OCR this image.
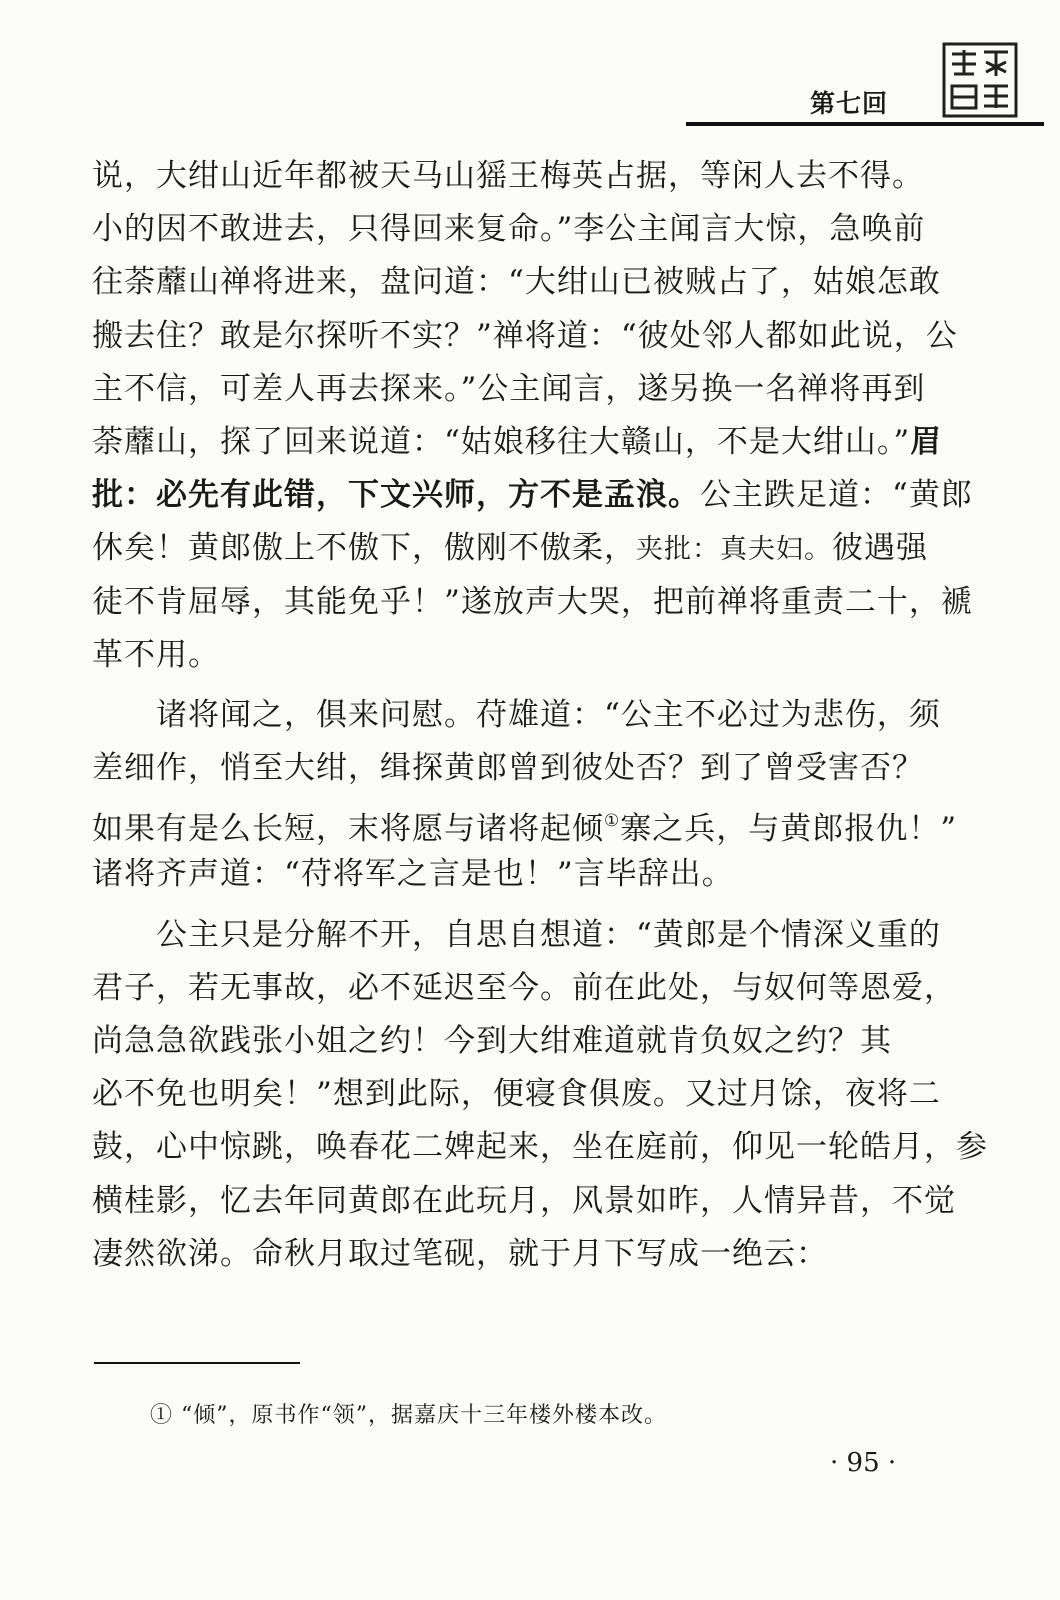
第七回
说，大绀山近年都被天马山猺王梅英占据，等闲人去不得。
小的因不敢进去，只得回来复命。”李公主闻言大惊，急唤前
往荼蘼山禅将进来，盘问道：“大绀山已被贼占了，姑娘怎敢
搬去住？敢是尔探听不实？”禅将道：“彼处邻人都如此说，公
主不信，可差人再去探来。”公主闻言，遂另换一名禅将再到
荼蘼山，探了回来说道：“姑娘移往大赣山，不是大绀山。”眉
批：必先有此错，下文兴师，方不是孟浪。公主跌足道：“黄郎
休矣！黄郎傲上不傲下，傲刚不傲柔，夹批：真夫妇。彼遇强
徒不肯屈辱，其能免乎！”遂放声大哭，把前禅将重责二十，褫
革不用。
诸将闻之，俱来问慰。苻雄道：“公主不必过为悲伤，须
差细作，悄至大绀，缉探黄郎曾到彼处否？到了曾受害否？
如果有是么长短，末将愿与诸将起倾①寨之兵，与黄郎报仇！”
诸将齐声道：“苻将军之言是也！”言毕辞出。
公主只是分解不开，自思自想道：“黄郎是个情深义重的
君子，若无事故，必不延迟至今。前在此处，与奴何等恩爱，
尚急急欲践张小姐之约！今到大绀难道就肯负奴之约？其
必不免也明矣！”想到此际，便寝食俱废。又过月馀，夜将二
鼓，心中惊跳，唤春花二婢起来，坐在庭前，仰见一轮皓月，参
横桂影，忆去年同黄郎在此玩月，风景如昨，人情异昔，不觉
凄然欲涕。命秋月取过笔砚，就于月下写成一绝云：
① “倾”，原书作“领”，据嘉庆十三年楼外楼本改。
· 95 ·
